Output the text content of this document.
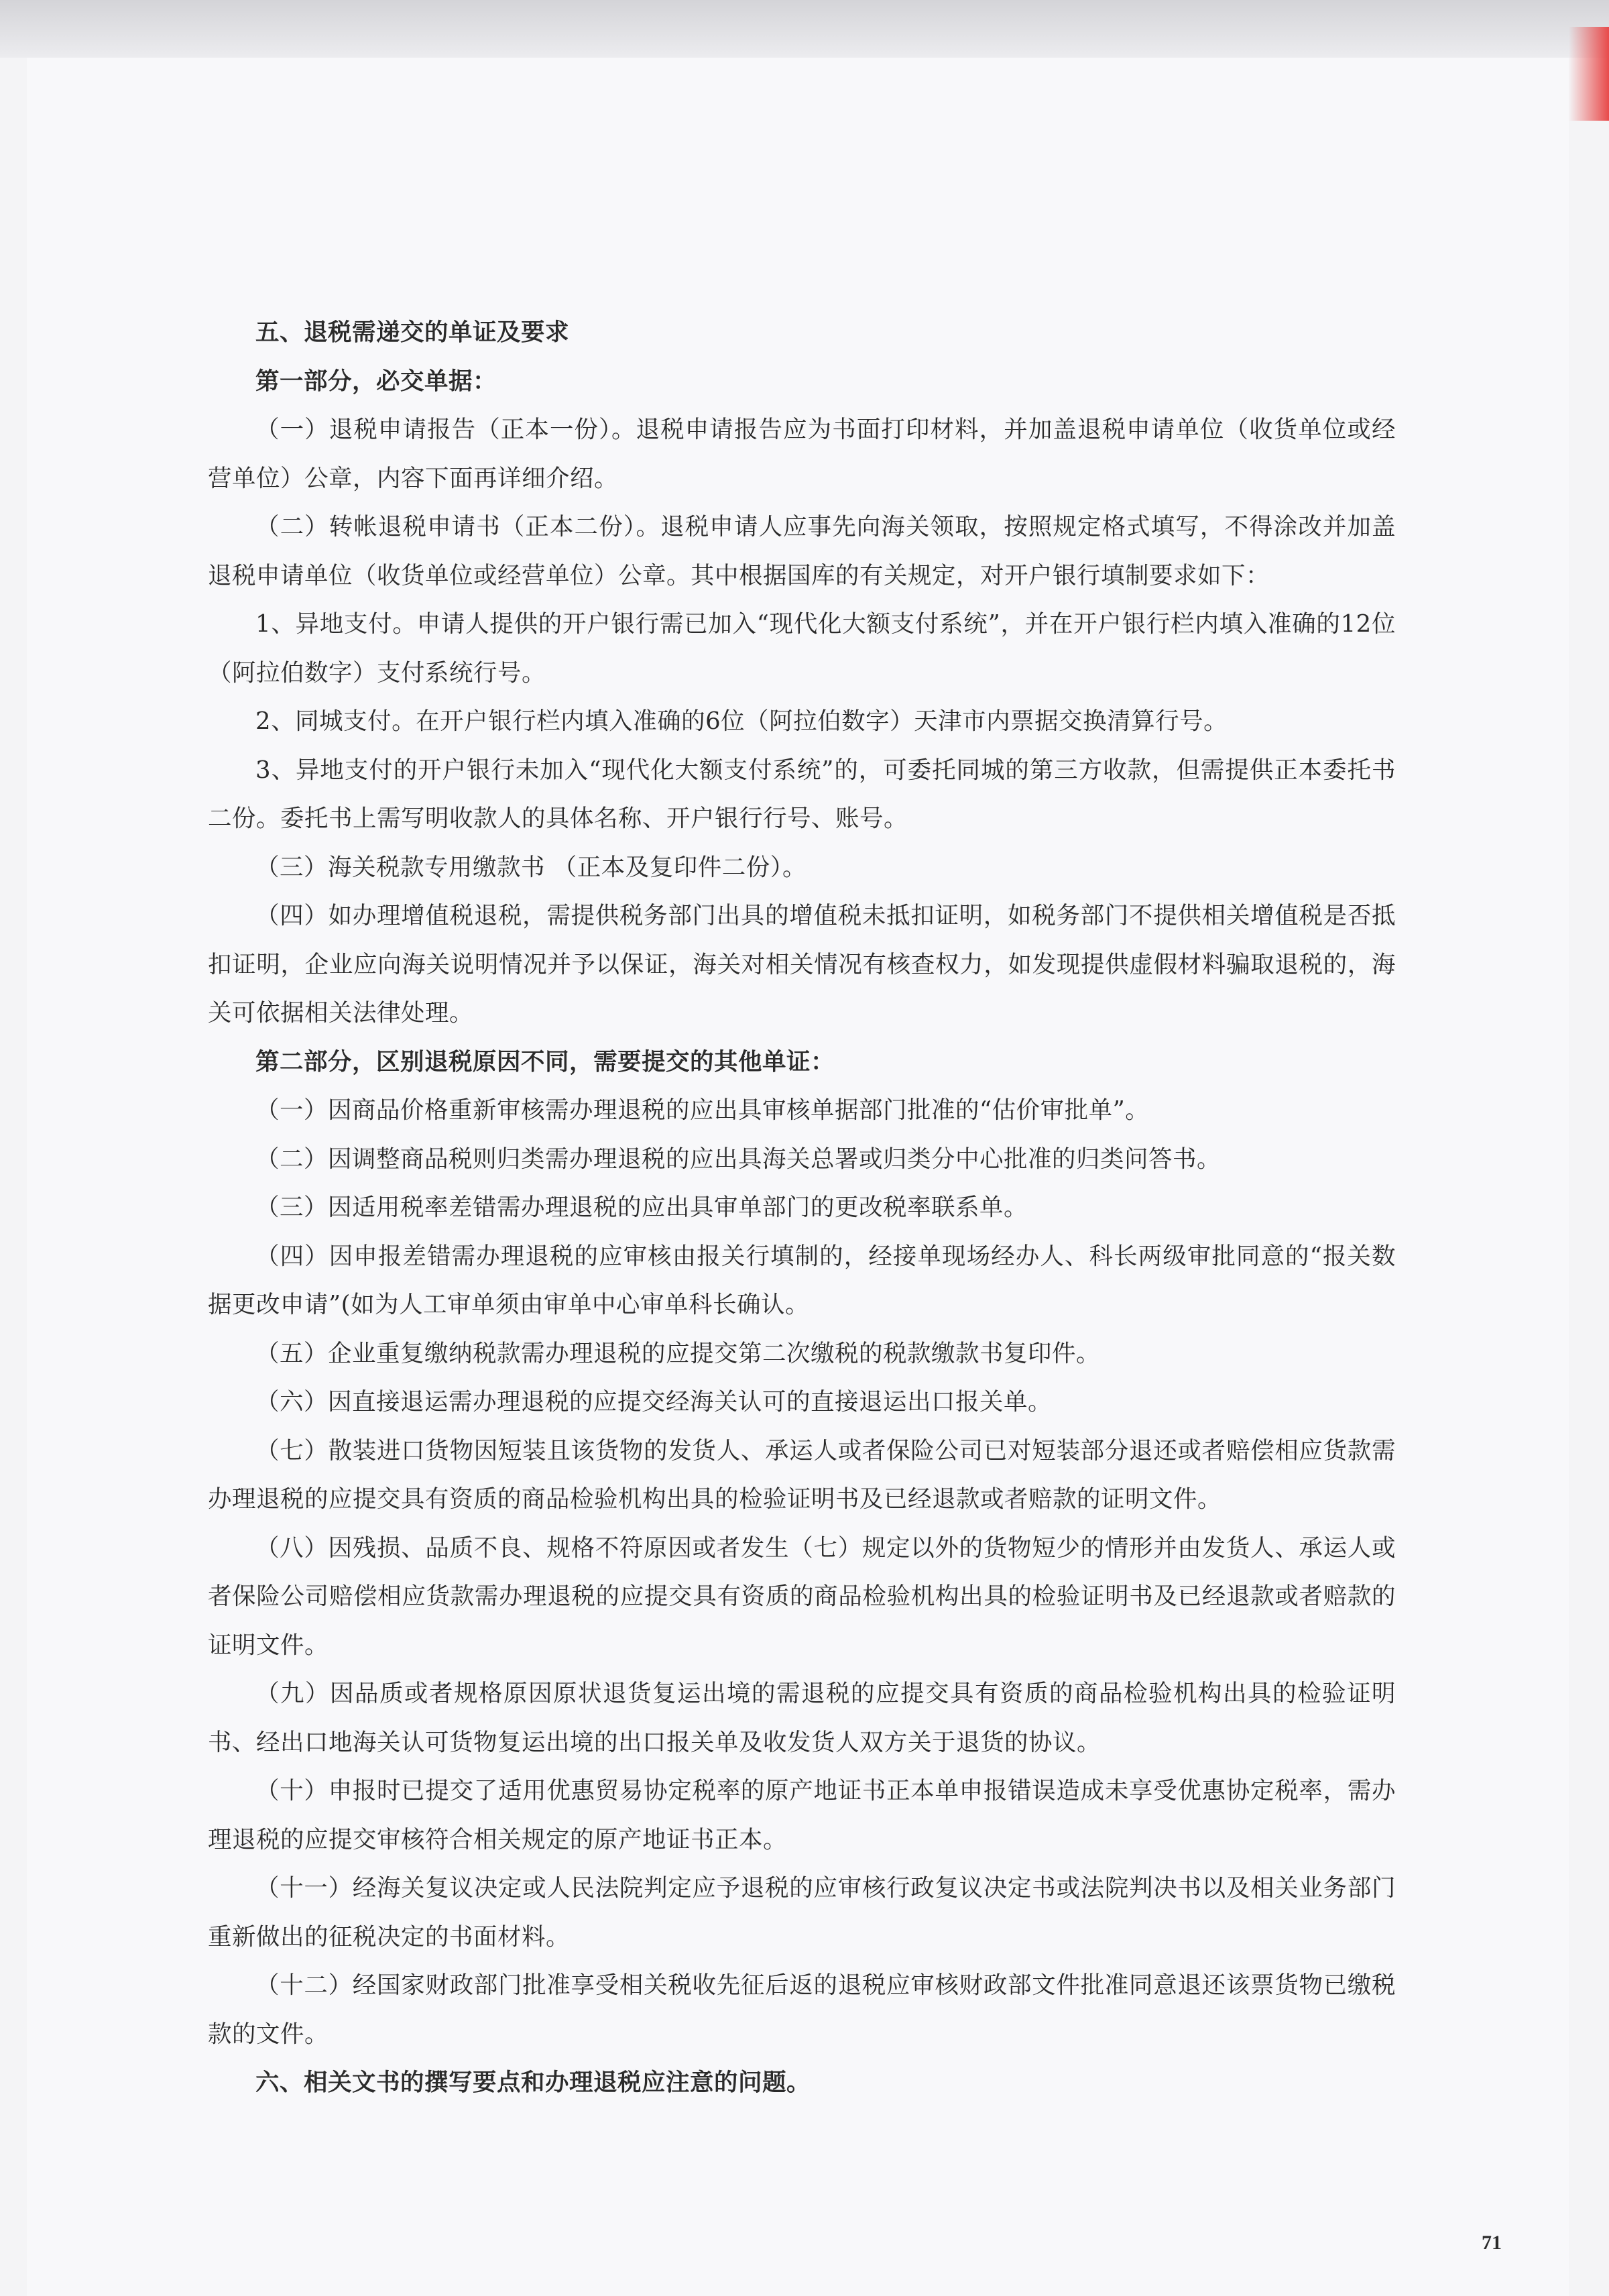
五、退税需递交的单证及要求

第一部分，必交单据：

（一）退税申请报告（正本一份）。退税申请报告应为书面打印材料，并加盖退税申请单位（收货单位或经营单位）公章，内容下面再详细介绍。

（二）转帐退税申请书（正本二份）。退税申请人应事先向海关领取，按照规定格式填写，不得涂改并加盖退税申请单位（收货单位或经营单位）公章。其中根据国库的有关规定，对开户银行填制要求如下：

1、异地支付。申请人提供的开户银行需已加入“现代化大额支付系统”，并在开户银行栏内填入准确的12位（阿拉伯数字）支付系统行号。

2、同城支付。在开户银行栏内填入准确的6位（阿拉伯数字）天津市内票据交换清算行号。

3、异地支付的开户银行未加入“现代化大额支付系统”的，可委托同城的第三方收款，但需提供正本委托书二份。委托书上需写明收款人的具体名称、开户银行行号、账号。

（三）海关税款专用缴款书 （正本及复印件二份）。

（四）如办理增值税退税，需提供税务部门出具的增值税未抵扣证明，如税务部门不提供相关增值税是否抵扣证明，企业应向海关说明情况并予以保证，海关对相关情况有核查权力，如发现提供虚假材料骗取退税的，海关可依据相关法律处理。

第二部分，区别退税原因不同，需要提交的其他单证：

（一）因商品价格重新审核需办理退税的应出具审核单据部门批准的“估价审批单”。

（二）因调整商品税则归类需办理退税的应出具海关总署或归类分中心批准的归类问答书。

（三）因适用税率差错需办理退税的应出具审单部门的更改税率联系单。

（四）因申报差错需办理退税的应审核由报关行填制的，经接单现场经办人、科长两级审批同意的“报关数据更改申请”(如为人工审单须由审单中心审单科长确认。

（五）企业重复缴纳税款需办理退税的应提交第二次缴税的税款缴款书复印件。

（六）因直接退运需办理退税的应提交经海关认可的直接退运出口报关单。

（七）散装进口货物因短装且该货物的发货人、承运人或者保险公司已对短装部分退还或者赔偿相应货款需办理退税的应提交具有资质的商品检验机构出具的检验证明书及已经退款或者赔款的证明文件。

（八）因残损、品质不良、规格不符原因或者发生（七）规定以外的货物短少的情形并由发货人、承运人或者保险公司赔偿相应货款需办理退税的应提交具有资质的商品检验机构出具的检验证明书及已经退款或者赔款的证明文件。

（九）因品质或者规格原因原状退货复运出境的需退税的应提交具有资质的商品检验机构出具的检验证明书、经出口地海关认可货物复运出境的出口报关单及收发货人双方关于退货的协议。

（十）申报时已提交了适用优惠贸易协定税率的原产地证书正本单申报错误造成未享受优惠协定税率，需办理退税的应提交审核符合相关规定的原产地证书正本。

（十一）经海关复议决定或人民法院判定应予退税的应审核行政复议决定书或法院判决书以及相关业务部门重新做出的征税决定的书面材料。

（十二）经国家财政部门批准享受相关税收先征后返的退税应审核财政部文件批准同意退还该票货物已缴税款的文件。

六、相关文书的撰写要点和办理退税应注意的问题。

71
